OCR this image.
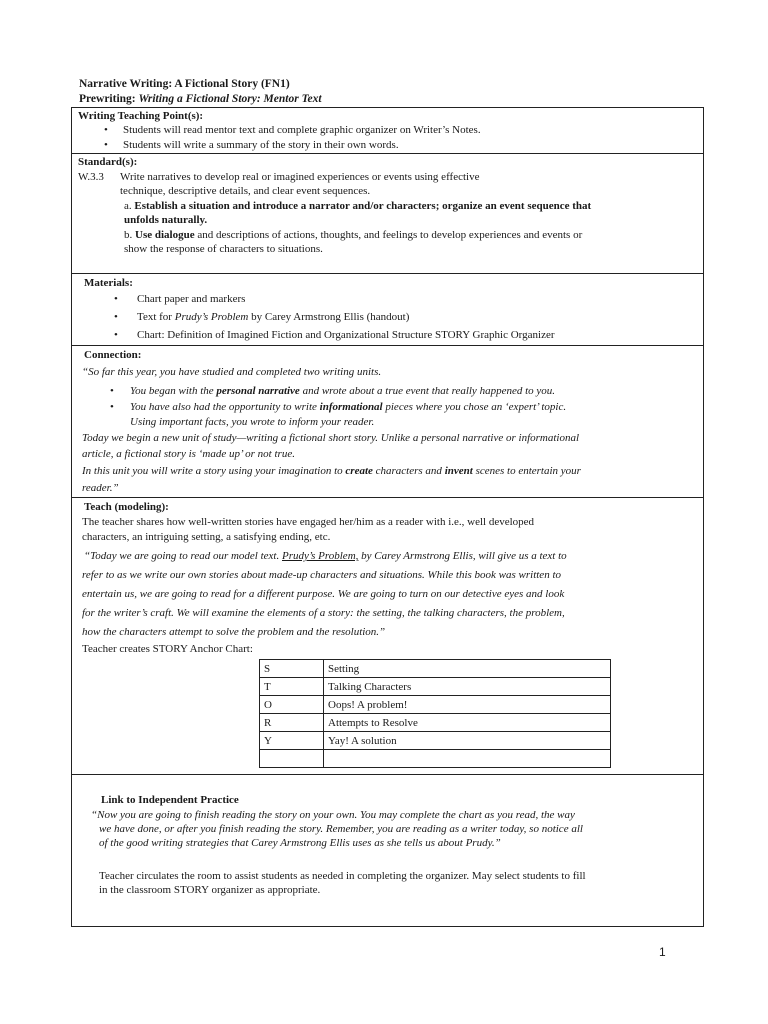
Narrative Writing: A Fictional Story (FN1)
Prewriting: Writing a Fictional Story: Mentor Text
Writing Teaching Point(s):
• Students will read mentor text and complete graphic organizer on Writer’s Notes.
• Students will write a summary of the story in their own words.
Standard(s):
W.3.3 Write narratives to develop real or imagined experiences or events using effective
technique, descriptive details, and clear event sequences.
a. Establish a situation and introduce a narrator and/or characters; organize an event sequence that
unfolds naturally.
b. Use dialogue and descriptions of actions, thoughts, and feelings to develop experiences and events or
show the response of characters to situations.
Materials:
• Chart paper and markers
• Text for Prudy’s Problem by Carey Armstrong Ellis (handout)
• Chart: Definition of Imagined Fiction and Organizational Structure STORY Graphic Organizer
Connection:
“So far this year, you have studied and completed two writing units.
• You began with the personal narrative and wrote about a true event that really happened to you.
• You have also had the opportunity to write informational pieces where you chose an ‘expert’ topic.
Using important facts, you wrote to inform your reader.
Today we begin a new unit of study—writing a fictional short story. Unlike a personal narrative or informational
article, a fictional story is ‘made up’ or not true.
In this unit you will write a story using your imagination to create characters and invent scenes to entertain your
reader.”
Teach (modeling):
The teacher shares how well-written stories have engaged her/him as a reader with i.e., well developed
characters, an intriguing setting, a satisfying ending, etc.
“Today we are going to read our model text. Prudy’s Problem, by Carey Armstrong Ellis, will give us a text to
refer to as we write our own stories about made-up characters and situations. While this book was written to
entertain us, we are going to read for a different purpose. We are going to turn on our detective eyes and look
for the writer’s craft. We will examine the elements of a story: the setting, the talking characters, the problem,
how the characters attempt to solve the problem and the resolution.”
Teacher creates STORY Anchor Chart:
S	Setting
T	Talking Characters
O	Oops! A problem!
R	Attempts to Resolve
Y	Yay! A solution

Link to Independent Practice
“Now you are going to finish reading the story on your own. You may complete the chart as you read, the way
we have done, or after you finish reading the story. Remember, you are reading as a writer today, so notice all
of the good writing strategies that Carey Armstrong Ellis uses as she tells us about Prudy.”
Teacher circulates the room to assist students as needed in completing the organizer. May select students to fill
in the classroom STORY organizer as appropriate.
1
